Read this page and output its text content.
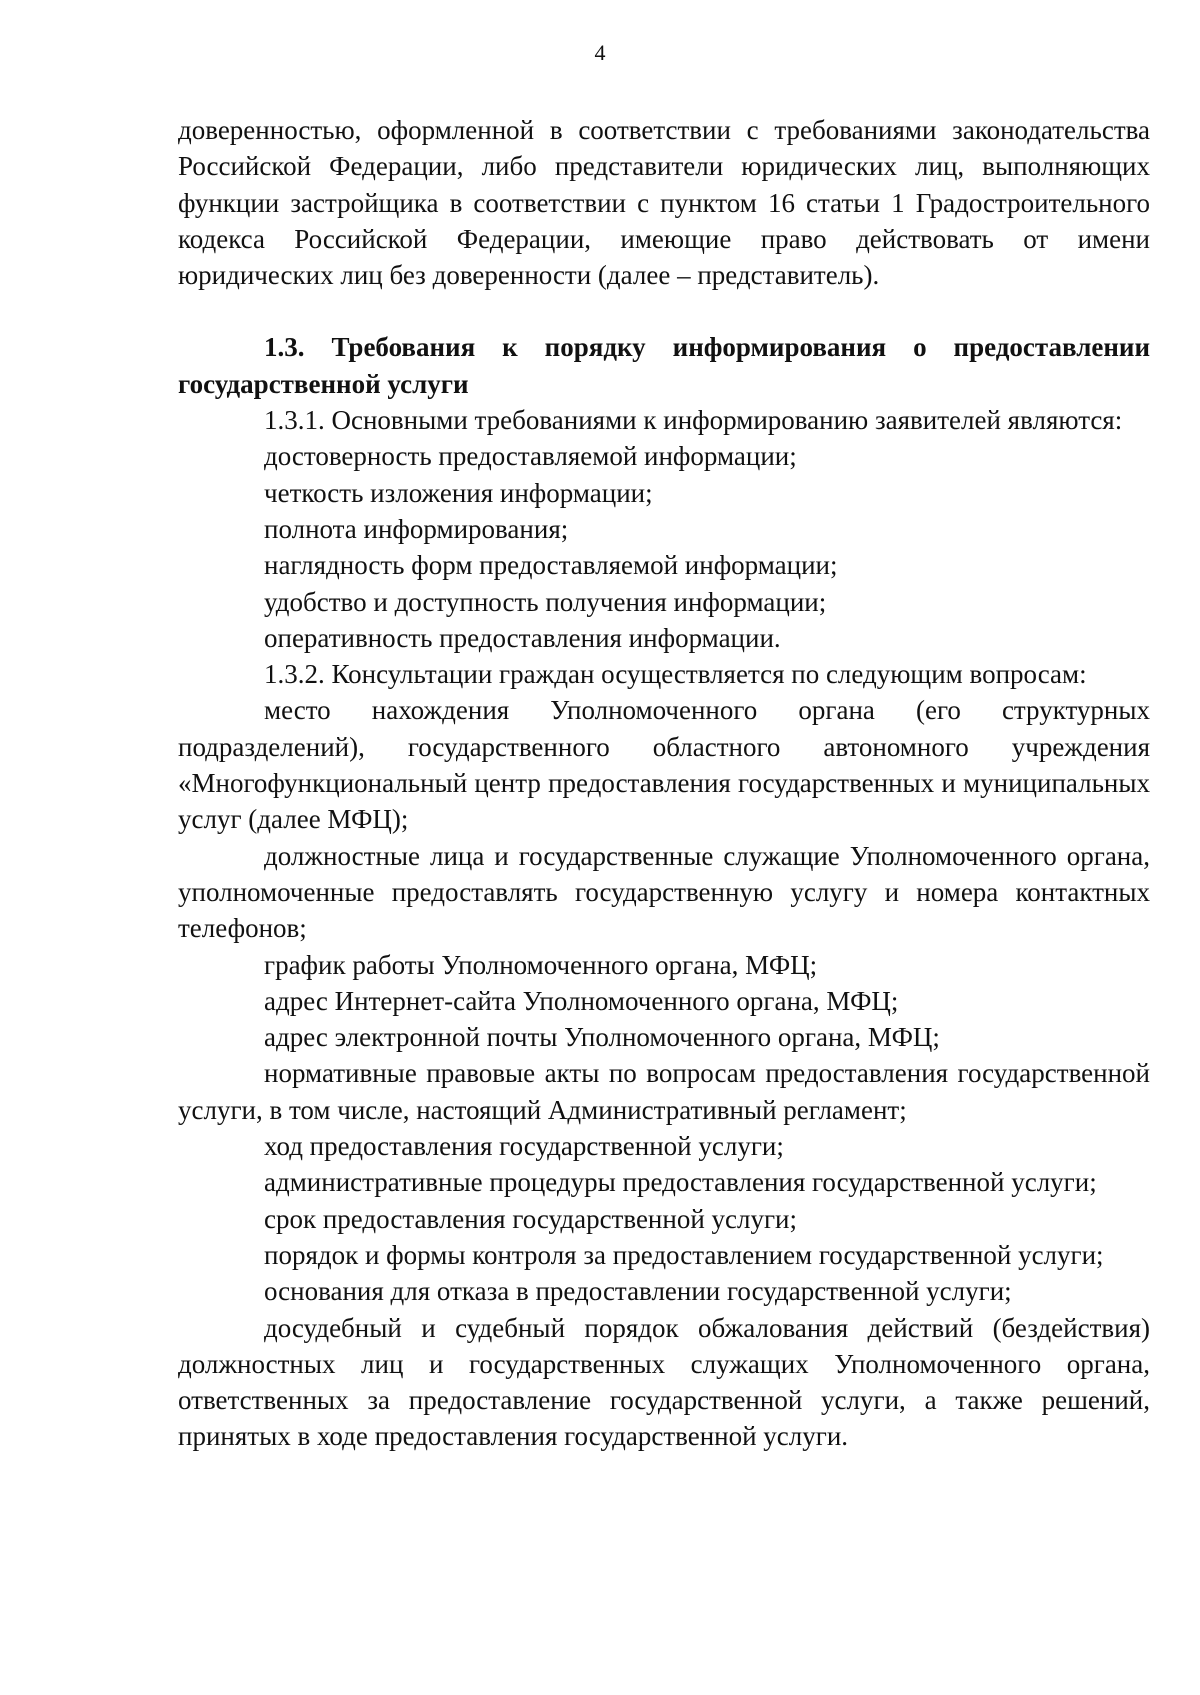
4

доверенностью, оформленной в соответствии с требованиями законодательства Российской Федерации, либо представители юридических лиц, выполняющих функции застройщика в соответствии с пунктом 16 статьи 1 Градостроительного кодекса Российской Федерации, имеющие право действовать от имени юридических лиц без доверенности (далее – представитель).

1.3. Требования к порядку информирования о предоставлении государственной услуги

1.3.1. Основными требованиями к информированию заявителей являются:

достоверность предоставляемой информации;

четкость изложения информации;

полнота информирования;

наглядность форм предоставляемой информации;

удобство и доступность получения информации;

оперативность предоставления информации.

1.3.2. Консультации граждан осуществляется по следующим вопросам:

место нахождения Уполномоченного органа (его структурных подразделений), государственного областного автономного учреждения «Многофункциональный центр предоставления государственных и муниципальных услуг (далее МФЦ);

должностные лица и государственные служащие Уполномоченного органа, уполномоченные предоставлять государственную услугу и номера контактных телефонов;

график работы Уполномоченного органа, МФЦ;

адрес Интернет-сайта Уполномоченного органа, МФЦ;

адрес электронной почты Уполномоченного органа, МФЦ;

нормативные правовые акты по вопросам предоставления государственной услуги, в том числе, настоящий Административный регламент;

ход предоставления государственной услуги;

административные процедуры предоставления государственной услуги;

срок предоставления государственной услуги;

порядок и формы контроля за предоставлением государственной услуги;

основания для отказа в предоставлении государственной услуги;

досудебный и судебный порядок обжалования действий (бездействия) должностных лиц и государственных служащих Уполномоченного органа, ответственных за предоставление государственной услуги, а также решений, принятых в ходе предоставления государственной услуги.
